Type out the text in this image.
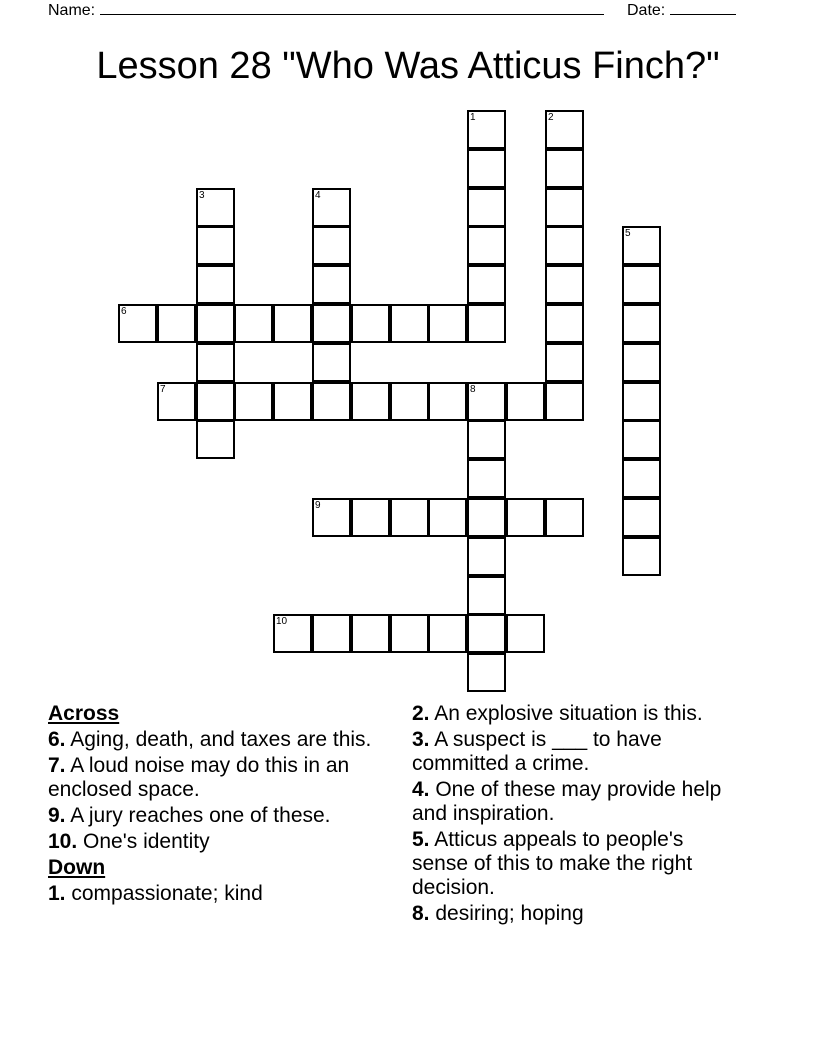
Name:	Date:
Lesson 28 "Who Was Atticus Finch?"
1	2
3	4
5
6
7	8
9
10
Across
6. Aging, death, and taxes are this.
7. A loud noise may do this in an enclosed space.
9. A jury reaches one of these.
10. One's identity
Down
1. compassionate; kind
2. An explosive situation is this.
3. A suspect is ___ to have committed a crime.
4. One of these may provide help and inspiration.
5. Atticus appeals to people's sense of this to make the right decision.
8. desiring; hoping
